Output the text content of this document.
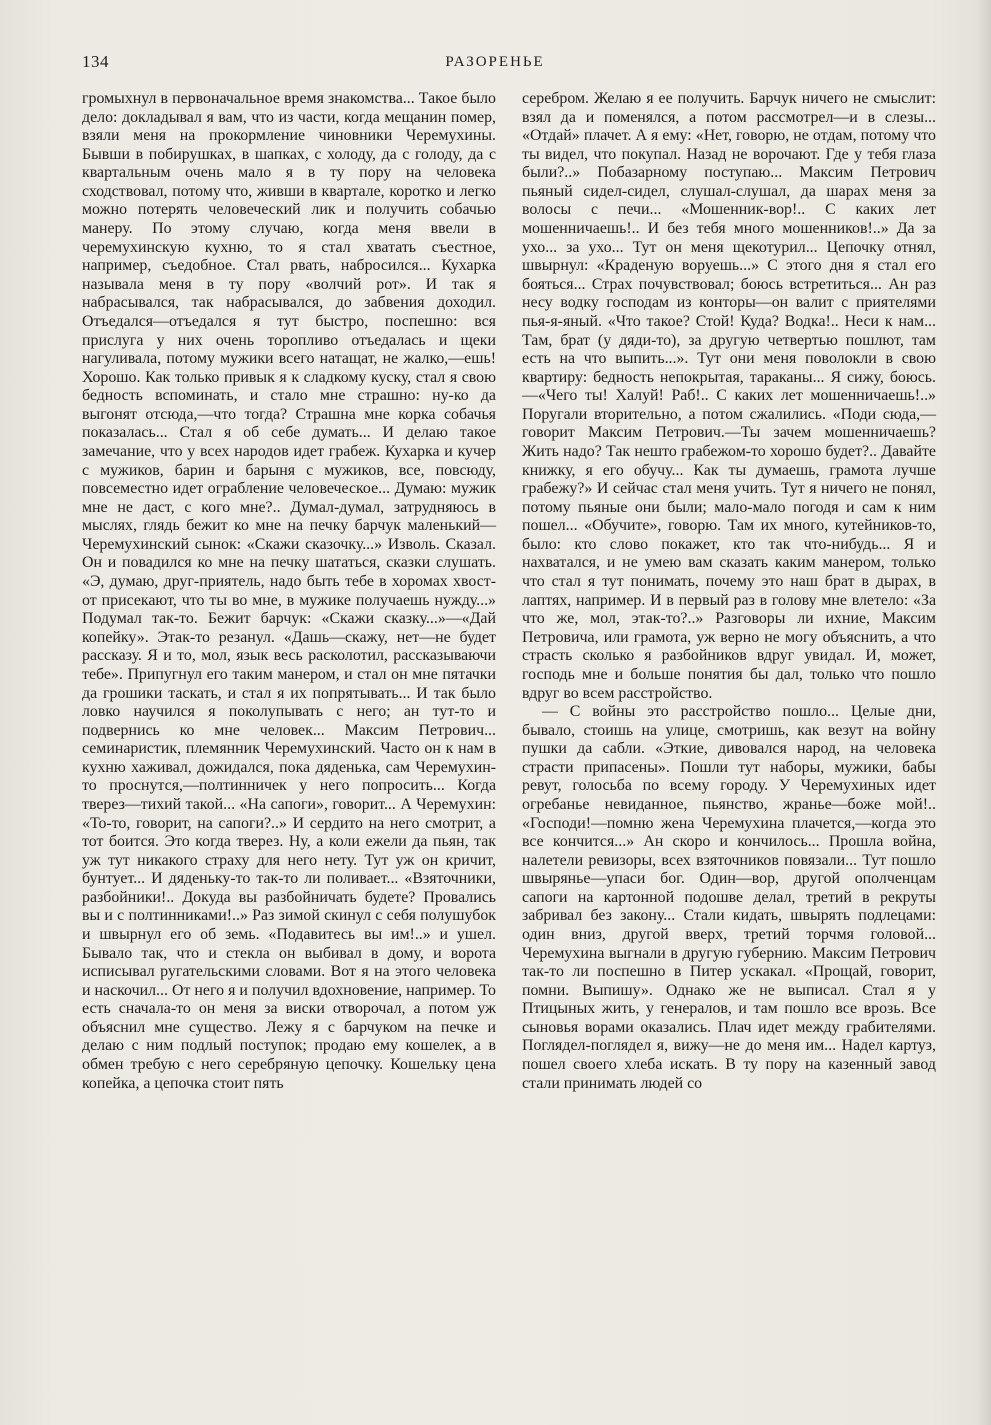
134	РАЗОРЕНЬЕ

громыхнул в первоначальное время знакомства... Такое было дело: докладывал я вам, что из части, когда мещанин помер, взяли меня на прокормление чиновники Черемухины. Бывши в побирушках, в шапках, с холоду, да с голоду, да с квартальным очень мало я в ту пору на человека сходствовал, потому что, живши в квартале, коротко и легко можно потерять человеческий лик и получить собачью манеру. По этому случаю, когда меня ввели в черемухинскую кухню, то я стал хватать съестное, например, съедобное. Стал рвать, набросился... Кухарка называла меня в ту пору «волчий рот». И так я набрасывался, так набрасывался, до забвения доходил. Отъедался—отъедался я тут быстро, поспешно: вся прислуга у них очень торопливо отъедалась и щеки нагуливала, потому мужики всего натащат, не жалко,—ешь! Хорошо. Как только привык я к сладкому куску, стал я свою бедность вспоминать, и стало мне страшно: ну-ко да выгонят отсюда,—что тогда? Страшна мне корка собачья показалась... Стал я об себе думать... И делаю такое замечание, что у всех народов идет грабеж. Кухарка и кучер с мужиков, барин и барыня с мужиков, все, повсюду, повсеместно идет ограбление человеческое... Думаю: мужик мне не даст, с кого мне?.. Думал-думал, затрудняюсь в мыслях, глядь бежит ко мне на печку барчук маленький—Черемухинский сынок: «Скажи сказочку...» Изволь. Сказал. Он и повадился ко мне на печку шататься, сказки слушать. «Э, думаю, друг-приятель, надо быть тебе в хоромах хвост-от присекают, что ты во мне, в мужике получаешь нужду...» Подумал так-то. Бежит барчук: «Скажи сказку...»—«Дай копейку». Этак-то резанул. «Дашь—скажу, нет—не будет рассказу. Я и то, мол, язык весь расколотил, рассказываючи тебе». Припугнул его таким манером, и стал он мне пятачки да грошики таскать, и стал я их попрятывать... И так было ловко научился я поколупывать с него; ан тут-то и подвернись ко мне человек... Максим Петрович... семинаристик, племянник Черемухинский. Часто он к нам в кухню хаживал, дожидался, пока дяденька, сам Черемухин-то проснутся,—полтинничек у него попросить... Когда тверез—тихий такой... «На сапоги», говорит... А Черемухин: «То-то, говорит, на сапоги?..» И сердито на него смотрит, а тот боится. Это когда тверез. Ну, а коли ежели да пьян, так уж тут никакого страху для него нету. Тут уж он кричит, бунтует... И дяденьку-то так-то ли поливает... «Взяточники, разбойники!.. Докуда вы разбойничать будете? Провались вы и с полтинниками!..» Раз зимой скинул с себя полушубок и швырнул его об земь. «Подавитесь вы им!..» и ушел. Бывало так, что и стекла он выбивал в дому, и ворота исписывал ругательскими словами. Вот я на этого человека и наскочил... От него я и получил вдохновение, например. То есть сначала-то он меня за виски отворочал, а потом уж объяснил мне существо. Лежу я с барчуком на печке и делаю с ним подлый поступок; продаю ему кошелек, а в обмен требую с него серебряную цепочку. Кошельку цена копейка, а цепочка стоит пять

серебром. Желаю я ее получить. Барчук ничего не смыслит: взял да и поменялся, а потом рассмотрел—и в слезы... «Отдай» плачет. А я ему: «Нет, говорю, не отдам, потому что ты видел, что покупал. Назад не ворочают. Где у тебя глаза были?..» Побазарному поступаю... Максим Петрович пьяный сидел-сидел, слушал-слушал, да шарах меня за волосы с печи... «Мошенник-вор!.. С каких лет мошенничаешь!.. И без тебя много мошенников!..» Да за ухо... за ухо... Тут он меня щекотурил... Цепочку отнял, швырнул: «Краденую воруешь...» С этого дня я стал его бояться... Страх почувствовал; боюсь встретиться... Ан раз несу водку господам из конторы—он валит с приятелями пья-я-яный. «Что такое? Стой! Куда? Водка!.. Неси к нам... Там, брат (у дяди-то), за другую четвертью пошлют, там есть на что выпить...». Тут они меня поволокли в свою квартиру: бедность непокрытая, тараканы... Я сижу, боюсь.—«Чего ты! Халуй! Раб!.. С каких лет мошенничаешь!..» Поругали вторительно, а потом сжалились. «Поди сюда,—говорит Максим Петрович.—Ты зачем мошенничаешь? Жить надо? Так нешто грабежом-то хорошо будет?.. Давайте книжку, я его обучу... Как ты думаешь, грамота лучше грабежу?» И сейчас стал меня учить. Тут я ничего не понял, потому пьяные они были; мало-мало погодя и сам к ним пошел... «Обучите», говорю. Там их много, кутейников-то, было: кто слово покажет, кто так что-нибудь... Я и нахватался, и не умею вам сказать каким манером, только что стал я тут понимать, почему это наш брат в дырах, в лаптях, например. И в первый раз в голову мне влетело: «За что же, мол, этак-то?..» Разговоры ли ихние, Максим Петровича, или грамота, уж верно не могу объяснить, а что страсть сколько я разбойников вдруг увидал. И, может, господь мне и больше понятия бы дал, только что пошло вдруг во всем расстройство.

— С войны это расстройство пошло... Целые дни, бывало, стоишь на улице, смотришь, как везут на войну пушки да сабли. «Эткие, дивовался народ, на человека страсти припасены». Пошли тут наборы, мужики, бабы ревут, голосьба по всему городу. У Черемухиных идет огребанье невиданное, пьянство, жранье—боже мой!.. «Господи!—помню жена Черемухина плачется,—когда это все кончится...» Ан скоро и кончилось... Прошла война, налетели ревизоры, всех взяточников повязали... Тут пошло швырянье—упаси бог. Один—вор, другой ополченцам сапоги на картонной подошве делал, третий в рекруты забривал без закону... Стали кидать, швырять подлецами: один вниз, другой вверх, третий торчмя головой... Черемухина выгнали в другую губернию. Максим Петрович так-то ли поспешно в Питер ускакал. «Прощай, говорит, помни. Выпишу». Однако же не выписал. Стал я у Птицыных жить, у генералов, и там пошло все врозь. Все сыновья ворами оказались. Плач идет между грабителями. Поглядел-поглядел я, вижу—не до меня им... Надел картуз, пошел своего хлеба искать. В ту пору на казенный завод стали принимать людей со
